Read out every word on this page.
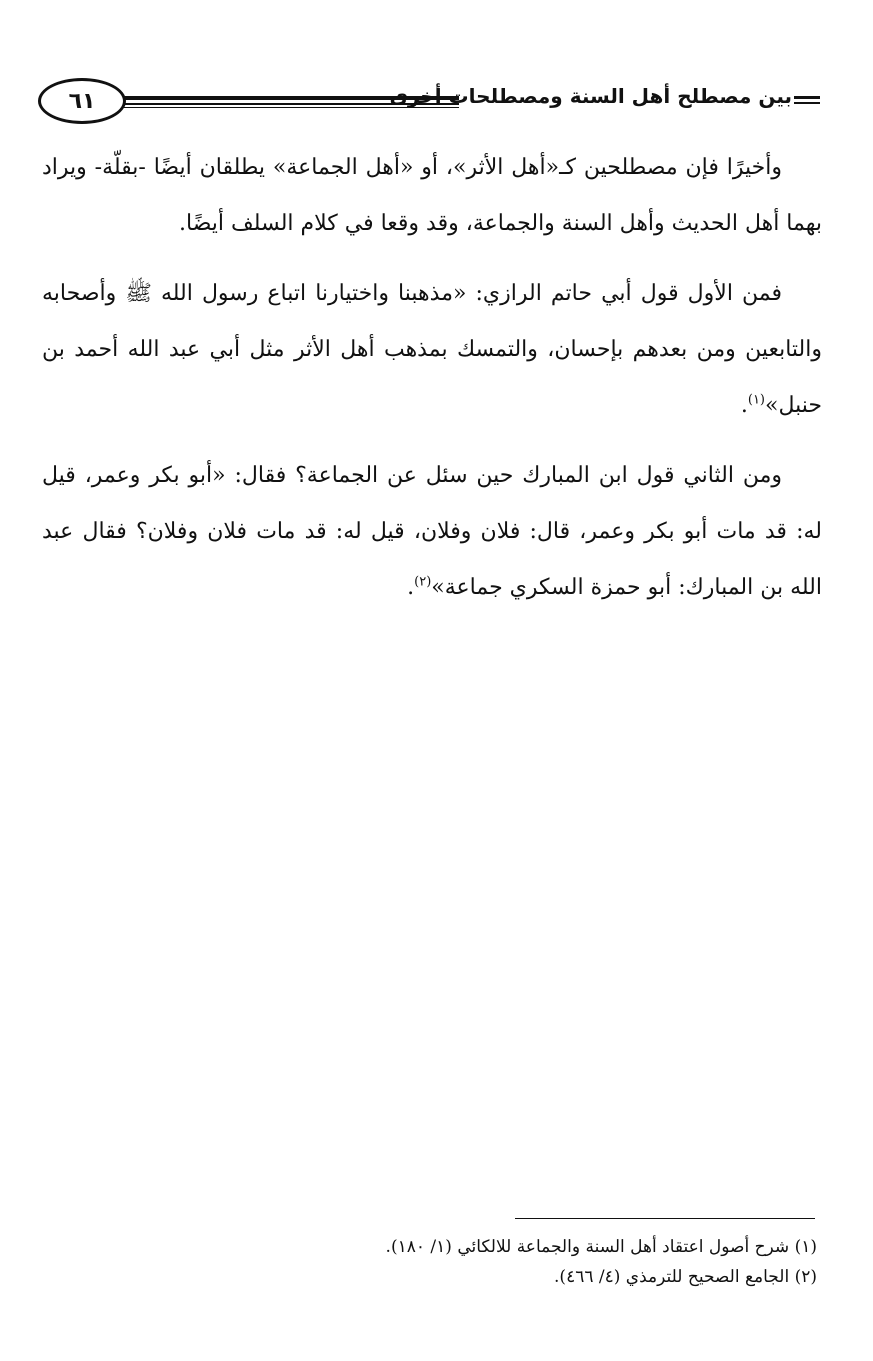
٦١	بين مصطلح أهل السنة ومصطلحات أخرى

وأخيرًا فإن مصطلحين كـ«أهل الأثر»، أو «أهل الجماعة» يطلقان أيضًا -بقلّة- ويراد بهما أهل الحديث وأهل السنة والجماعة، وقد وقعا في كلام السلف أيضًا.

فمن الأول قول أبي حاتم الرازي: «مذهبنا واختيارنا اتباع رسول الله ﷺ وأصحابه والتابعين ومن بعدهم بإحسان، والتمسك بمذهب أهل الأثر مثل أبي عبد الله أحمد بن حنبل»$^{(١)}$.

ومن الثاني قول ابن المبارك حين سئل عن الجماعة؟ فقال: «أبو بكر وعمر، قيل له: قد مات أبو بكر وعمر، قال: فلان وفلان، قيل له: قد مات فلان وفلان؟ فقال عبد الله بن المبارك: أبو حمزة السكري جماعة»$^{(٢)}$.

(١) شرح أصول اعتقاد أهل السنة والجماعة للالكائي (١/ ١٨٠).

(٢) الجامع الصحيح للترمذي (٤/ ٤٦٦).
